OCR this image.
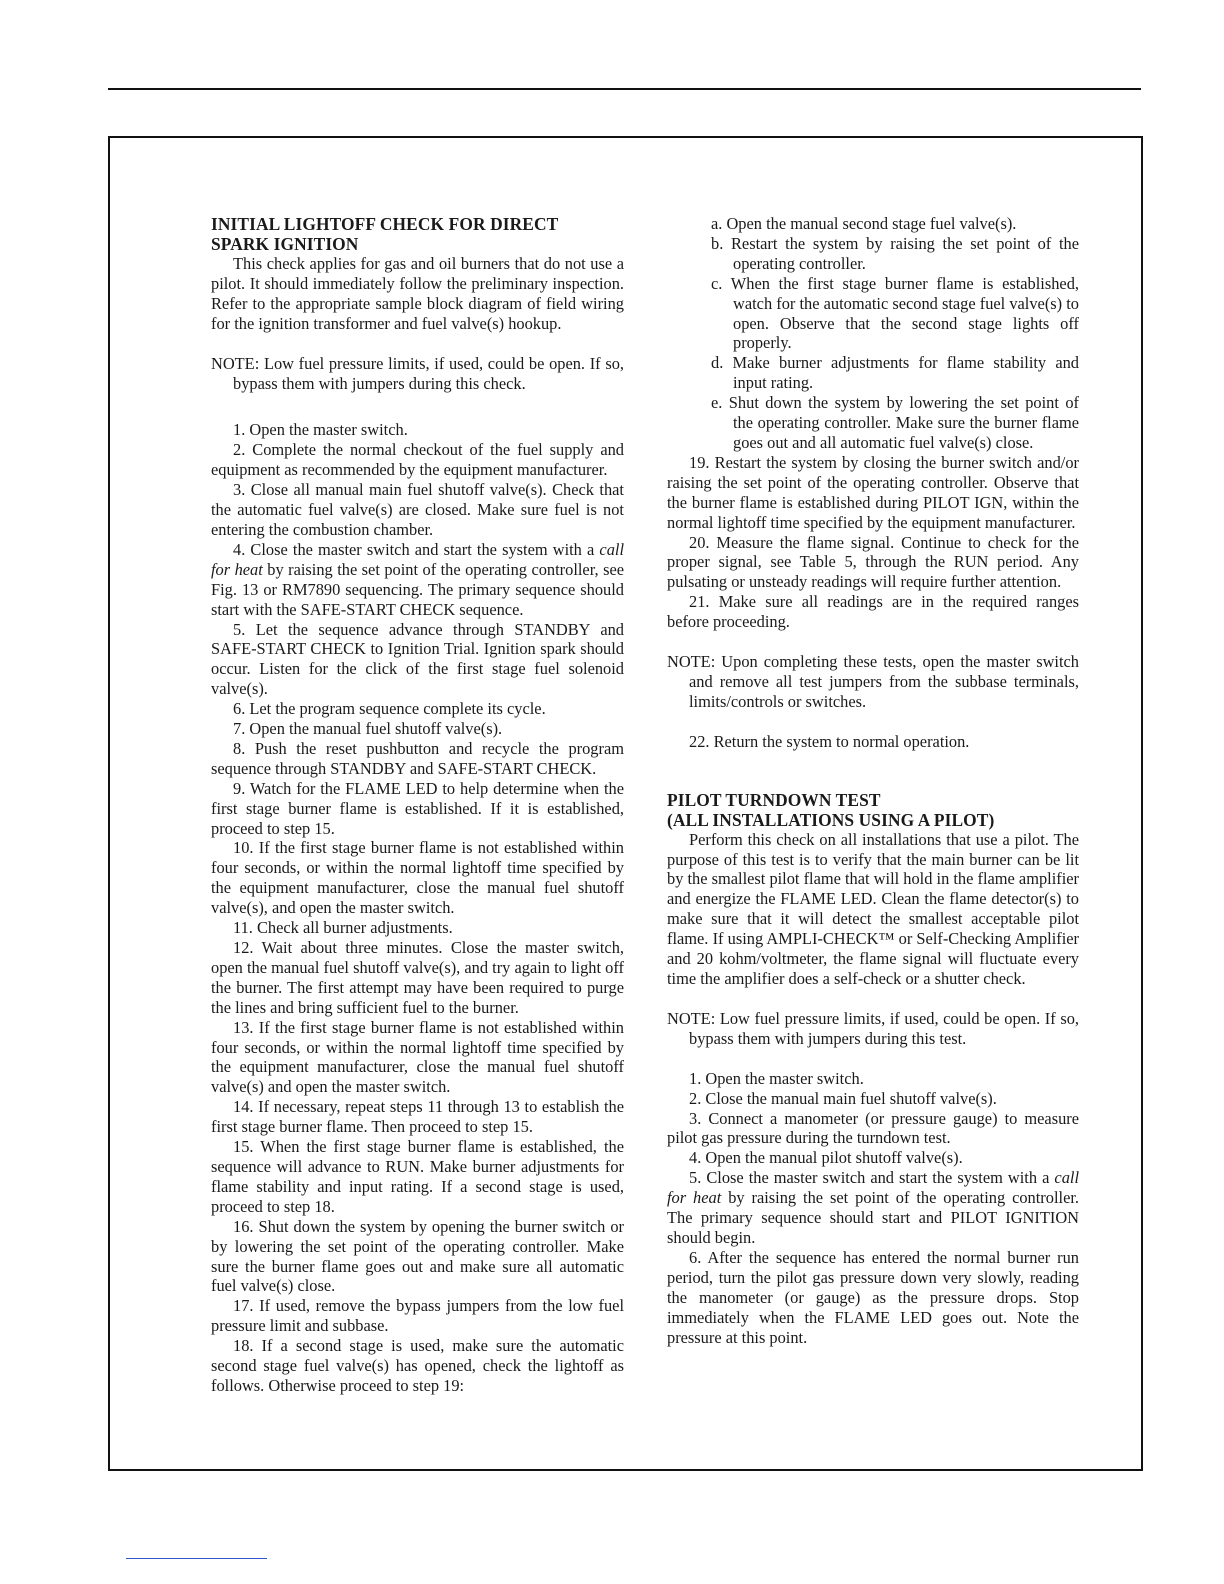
INITIAL LIGHTOFF CHECK FOR DIRECT
SPARK IGNITION

This check applies for gas and oil burners that do not use a pilot. It should immediately follow the preliminary inspection. Refer to the appropriate sample block diagram of field wiring for the ignition transformer and fuel valve(s) hookup.

NOTE: Low fuel pressure limits, if used, could be open. If so, bypass them with jumpers during this check.

1. Open the master switch.

2. Complete the normal checkout of the fuel supply and equipment as recommended by the equipment manufacturer.

3. Close all manual main fuel shutoff valve(s). Check that the automatic fuel valve(s) are closed. Make sure fuel is not entering the combustion chamber.

4. Close the master switch and start the system with a call for heat by raising the set point of the operating controller, see Fig. 13 or RM7890 sequencing. The primary sequence should start with the SAFE-START CHECK sequence.

5. Let the sequence advance through STANDBY and SAFE-START CHECK to Ignition Trial. Ignition spark should occur. Listen for the click of the first stage fuel solenoid valve(s).

6. Let the program sequence complete its cycle.

7. Open the manual fuel shutoff valve(s).

8. Push the reset pushbutton and recycle the program sequence through STANDBY and SAFE-START CHECK.

9. Watch for the FLAME LED to help determine when the first stage burner flame is established. If it is established, proceed to step 15.

10. If the first stage burner flame is not established within four seconds, or within the normal lightoff time specified by the equipment manufacturer, close the manual fuel shutoff valve(s), and open the master switch.

11. Check all burner adjustments.

12. Wait about three minutes. Close the master switch, open the manual fuel shutoff valve(s), and try again to light off the burner. The first attempt may have been required to purge the lines and bring sufficient fuel to the burner.

13. If the first stage burner flame is not established within four seconds, or within the normal lightoff time specified by the equipment manufacturer, close the manual fuel shutoff valve(s) and open the master switch.

14. If necessary, repeat steps 11 through 13 to establish the first stage burner flame. Then proceed to step 15.

15. When the first stage burner flame is established, the sequence will advance to RUN. Make burner adjustments for flame stability and input rating. If a second stage is used, proceed to step 18.

16. Shut down the system by opening the burner switch or by lowering the set point of the operating controller. Make sure the burner flame goes out and make sure all automatic fuel valve(s) close.

17. If used, remove the bypass jumpers from the low fuel pressure limit and subbase.

18. If a second stage is used, make sure the automatic second stage fuel valve(s) has opened, check the lightoff as follows. Otherwise proceed to step 19:

a. Open the manual second stage fuel valve(s).

b. Restart the system by raising the set point of the operating controller.

c. When the first stage burner flame is established, watch for the automatic second stage fuel valve(s) to open. Observe that the second stage lights off properly.

d. Make burner adjustments for flame stability and input rating.

e. Shut down the system by lowering the set point of the operating controller. Make sure the burner flame goes out and all automatic fuel valve(s) close.

19. Restart the system by closing the burner switch and/or raising the set point of the operating controller. Observe that the burner flame is established during PILOT IGN, within the normal lightoff time specified by the equipment manufacturer.

20. Measure the flame signal. Continue to check for the proper signal, see Table 5, through the RUN period. Any pulsating or unsteady readings will require further attention.

21. Make sure all readings are in the required ranges before proceeding.

NOTE: Upon completing these tests, open the master switch and remove all test jumpers from the subbase terminals, limits/controls or switches.

22. Return the system to normal operation.

PILOT TURNDOWN TEST
(ALL INSTALLATIONS USING A PILOT)

Perform this check on all installations that use a pilot. The purpose of this test is to verify that the main burner can be lit by the smallest pilot flame that will hold in the flame amplifier and energize the FLAME LED. Clean the flame detector(s) to make sure that it will detect the smallest acceptable pilot flame. If using AMPLI-CHECK™ or Self-Checking Amplifier and 20 kohm/voltmeter, the flame signal will fluctuate every time the amplifier does a self-check or a shutter check.

NOTE: Low fuel pressure limits, if used, could be open. If so, bypass them with jumpers during this test.

1. Open the master switch.

2. Close the manual main fuel shutoff valve(s).

3. Connect a manometer (or pressure gauge) to measure pilot gas pressure during the turndown test.

4. Open the manual pilot shutoff valve(s).

5. Close the master switch and start the system with a call for heat by raising the set point of the operating controller. The primary sequence should start and PILOT IGNITION should begin.

6. After the sequence has entered the normal burner run period, turn the pilot gas pressure down very slowly, reading the manometer (or gauge) as the pressure drops. Stop immediately when the FLAME LED goes out. Note the pressure at this point.
